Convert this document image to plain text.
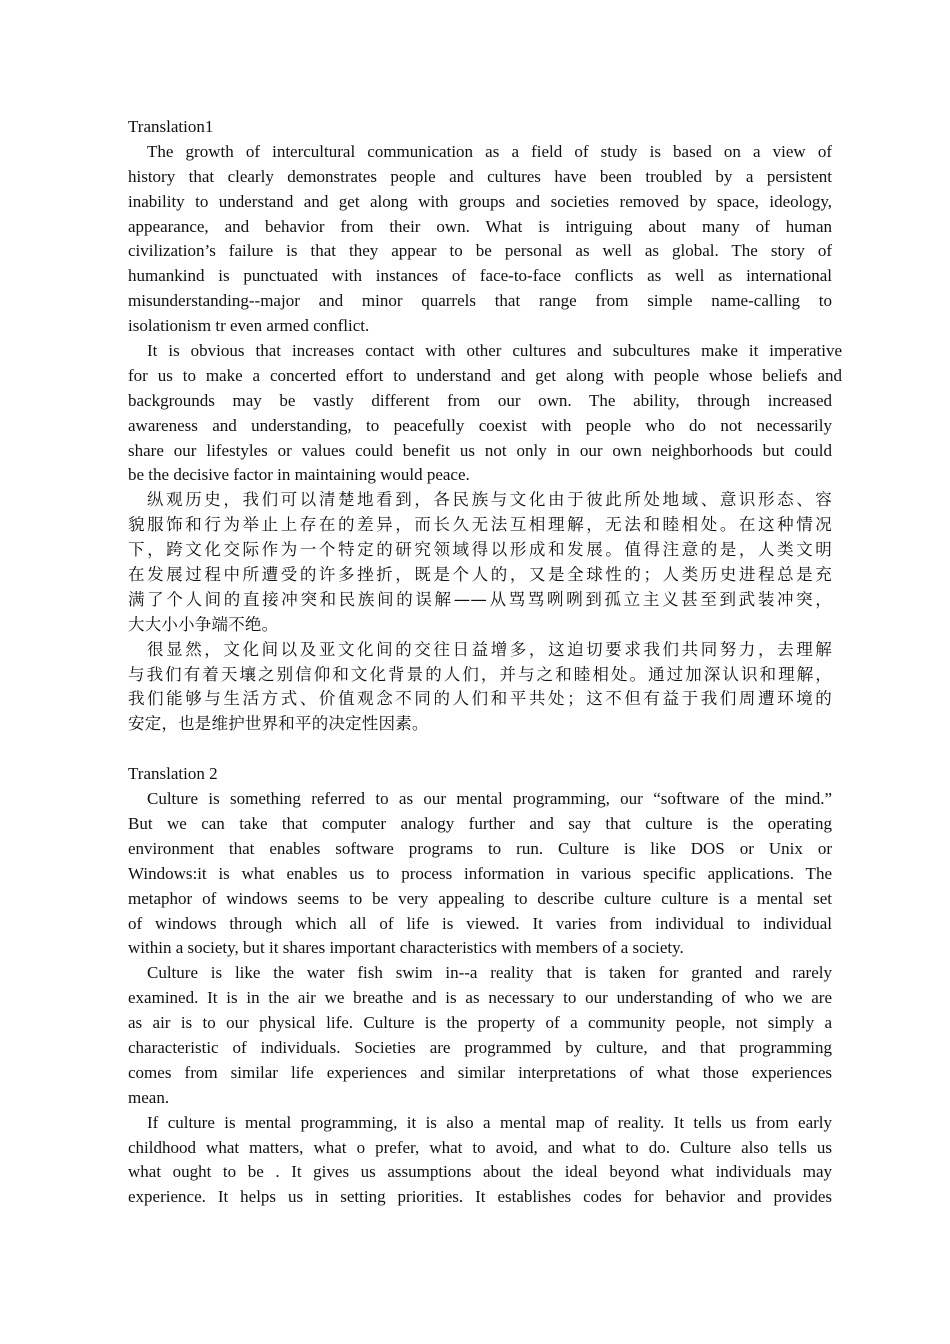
Translation1
The growth of intercultural communication as a field of study is based on a view of
history that clearly demonstrates people and cultures have been troubled by a persistent
inability to understand and get along with groups and societies removed by space, ideology,
appearance, and behavior from their own. What is intriguing about many of human
civilization’s failure is that they appear to be personal as well as global. The story of
humankind is punctuated with instances of face-to-face conflicts as well as international
misunderstanding--major and minor quarrels that range from simple name-calling to
isolationism tr even armed conflict.
It is obvious that increases contact with other cultures and subcultures make it imperative
for us to make a concerted effort to understand and get along with people whose beliefs and
backgrounds may be vastly different from our own. The ability, through increased
awareness and understanding, to peacefully coexist with people who do not necessarily
share our lifestyles or values could benefit us not only in our own neighborhoods but could
be the decisive factor in maintaining would peace.
纵观历史，我们可以清楚地看到，各民族与文化由于彼此所处地域、意识形态、容
貌服饰和行为举止上存在的差异，而长久无法互相理解，无法和睦相处。在这种情况
下，跨文化交际作为一个特定的研究领域得以形成和发展。值得注意的是，人类文明
在发展过程中所遭受的许多挫折，既是个人的，又是全球性的；人类历史进程总是充
满了个人间的直接冲突和民族间的误解——从骂骂咧咧到孤立主义甚至到武装冲突，
大大小小争端不绝。
很显然，文化间以及亚文化间的交往日益增多，这迫切要求我们共同努力，去理解
与我们有着天壤之别信仰和文化背景的人们，并与之和睦相处。通过加深认识和理解，
我们能够与生活方式、价值观念不同的人们和平共处；这不但有益于我们周遭环境的
安定，也是维护世界和平的决定性因素。
Translation 2
Culture is something referred to as our mental programming, our “software of the mind.”
But we can take that computer analogy further and say that culture is the operating
environment that enables software programs to run. Culture is like DOS or Unix or
Windows:it is what enables us to process information in various specific applications. The
metaphor of windows seems to be very appealing to describe culture culture is a mental set
of windows through which all of life is viewed. It varies from individual to individual
within a society, but it shares important characteristics with members of a society.
Culture is like the water fish swim in--a reality that is taken for granted and rarely
examined. It is in the air we breathe and is as necessary to our understanding of who we are
as air is to our physical life. Culture is the property of a community people, not simply a
characteristic of individuals. Societies are programmed by culture, and that programming
comes from similar life experiences and similar interpretations of what those experiences
mean.
If culture is mental programming, it is also a mental map of reality. It tells us from early
childhood what matters, what o prefer, what to avoid, and what to do. Culture also tells us
what ought to be . It gives us assumptions about the ideal beyond what individuals may
experience. It helps us in setting priorities. It establishes codes for behavior and provides
